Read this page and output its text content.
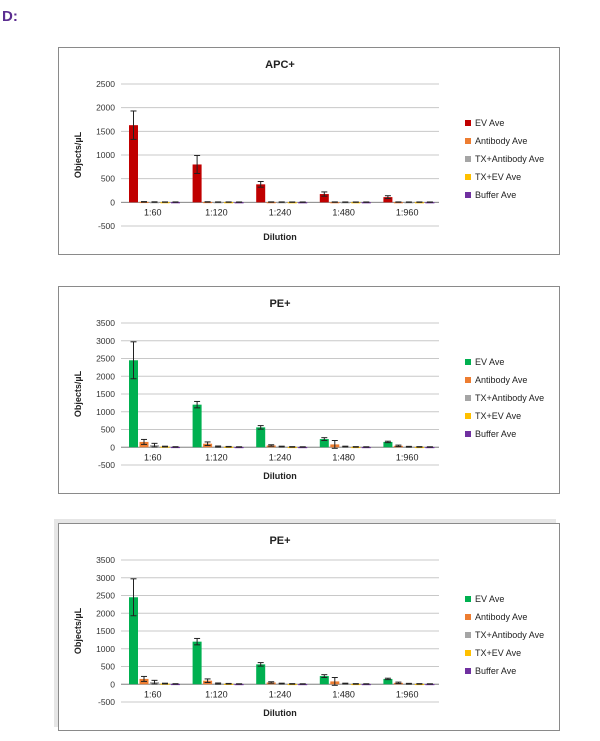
D:
APC+
-500
0
500
1000
1500
2000
2500
Objects/µL
1:60	1:120	1:240	1:480	1:960
Dilution
EV Ave
Antibody Ave
TX+Antibody Ave
TX+EV Ave
Buffer Ave
PE+
-500
0
500
1000
1500
2000
2500
3000
3500
Objects/µL
1:60	1:120	1:240	1:480	1:960
Dilution
EV Ave
Antibody Ave
TX+Antibody Ave
TX+EV Ave
Buffer Ave
PE+
-500
0
500
1000
1500
2000
2500
3000
3500
Objects/µL
1:60	1:120	1:240	1:480	1:960
Dilution
EV Ave
Antibody Ave
TX+Antibody Ave
TX+EV Ave
Buffer Ave
